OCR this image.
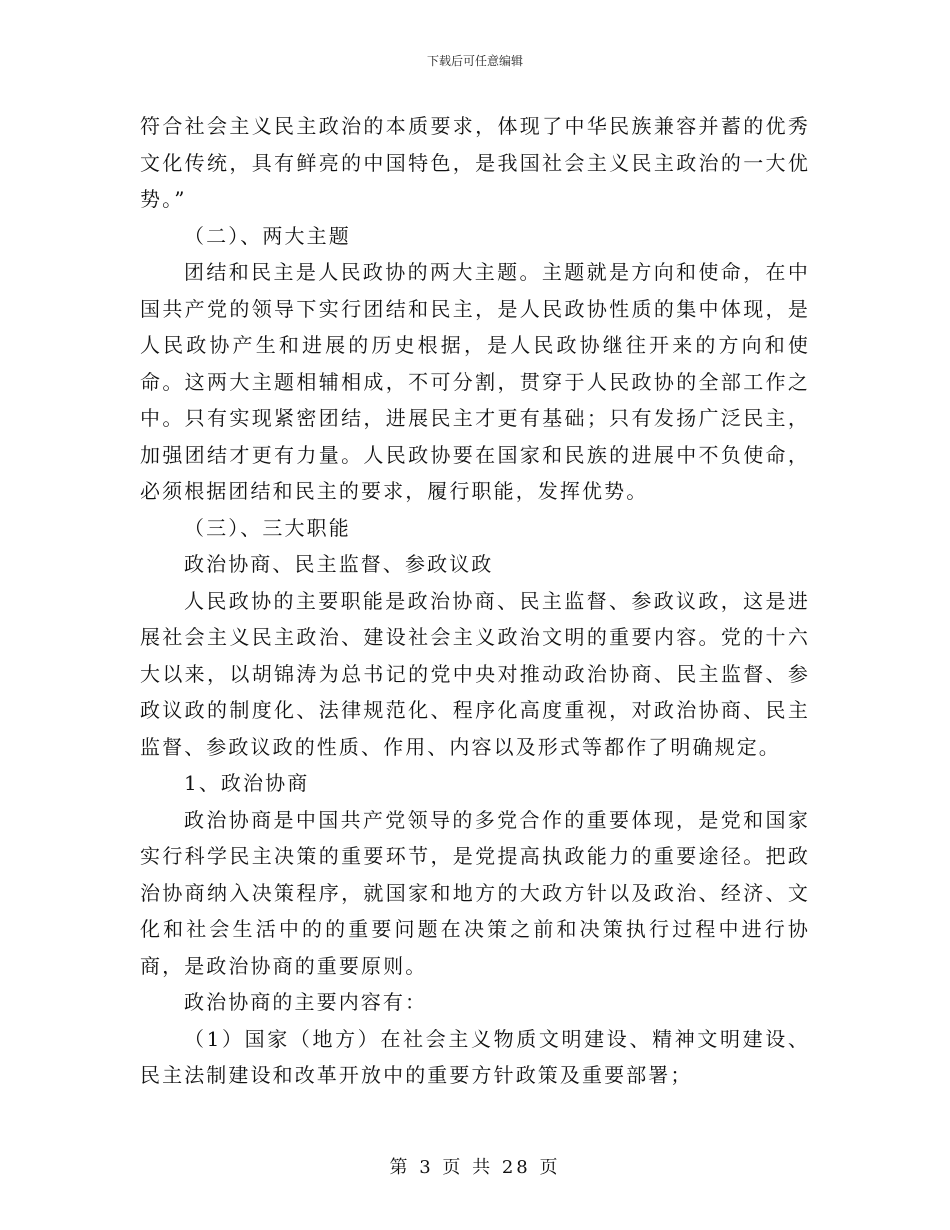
下载后可任意编辑

符合社会主义民主政治的本质要求，体现了中华民族兼容并蓄的优秀文化传统，具有鲜亮的中国特色，是我国社会主义民主政治的一大优势。”

（二）、两大主题

团结和民主是人民政协的两大主题。主题就是方向和使命，在中国共产党的领导下实行团结和民主，是人民政协性质的集中体现，是人民政协产生和进展的历史根据，是人民政协继往开来的方向和使命。这两大主题相辅相成，不可分割，贯穿于人民政协的全部工作之中。只有实现紧密团结，进展民主才更有基础；只有发扬广泛民主，加强团结才更有力量。人民政协要在国家和民族的进展中不负使命，必须根据团结和民主的要求，履行职能，发挥优势。

（三）、三大职能

政治协商、民主监督、参政议政

人民政协的主要职能是政治协商、民主监督、参政议政，这是进展社会主义民主政治、建设社会主义政治文明的重要内容。党的十六大以来，以胡锦涛为总书记的党中央对推动政治协商、民主监督、参政议政的制度化、法律规范化、程序化高度重视，对政治协商、民主监督、参政议政的性质、作用、内容以及形式等都作了明确规定。

1、政治协商

政治协商是中国共产党领导的多党合作的重要体现，是党和国家实行科学民主决策的重要环节，是党提高执政能力的重要途径。把政治协商纳入决策程序，就国家和地方的大政方针以及政治、经济、文化和社会生活中的的重要问题在决策之前和决策执行过程中进行协商，是政治协商的重要原则。

政治协商的主要内容有：

（1）国家（地方）在社会主义物质文明建设、精神文明建设、民主法制建设和改革开放中的重要方针政策及重要部署；

第 3 页 共 28 页
